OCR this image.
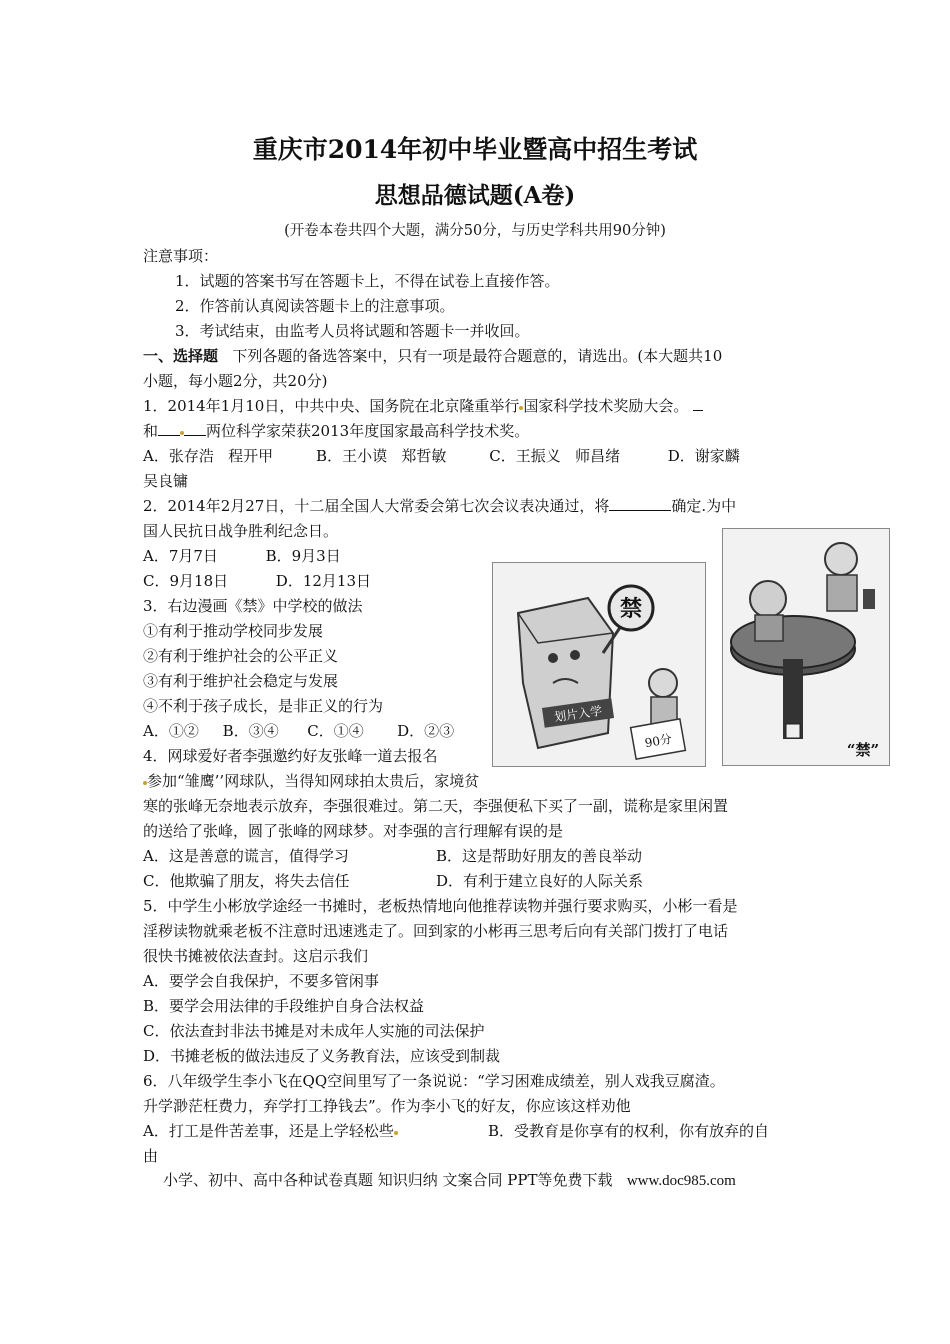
重庆市2014年初中毕业暨高中招生考试
思想品德试题(A卷)
(开卷本卷共四个大题，满分50分，与历史学科共用90分钟)
注意事项：
1．试题的答案书写在答题卡上，不得在试卷上直接作答。
2．作答前认真阅读答题卡上的注意事项。
3．考试结束，由监考人员将试题和答题卡一并收回。
一、选择题 下列各题的备选答案中，只有一项是最符合题意的，请选出。(本大题共10
小题，每小题2分，共20分)
1．2014年1月10日，中共中央、国务院在北京隆重举行 国家科学技术奖励大会。
和	两位科学家荣获2013年度国家最高科学技术奖。
A．张存浩   程开甲         B．王小谟   郑哲敏         C．王振义   师昌绪          D．谢家麟
吴良镛
2．2014年2月27日，十二届全国人大常委会第七次会议表决通过，将	确定.为中
国人民抗日战争胜利纪念日。
A．7月7日          B．9月3日
C．9月18日          D．12月13日
3．右边漫画《禁》中学校的做法
①有利于推动学校同步发展
②有利于维护社会的公平正义
③有利于维护社会稳定与发展
④不利于孩子成长，是非正义的行为
A．①②     B．③④      C．①④       D．②③
禁
划片入学
90分	“禁”
4．网球爱好者李强邀约好友张峰一道去报名
参加“雏鹰’’网球队，当得知网球拍太贵后，家境贫
寒的张峰无奈地表示放弃，李强很难过。第二天，李强便私下买了一副，谎称是家里闲置
的送给了张峰，圆了张峰的网球梦。对李强的言行理解有误的是
A．这是善意的谎言，值得学习	B．这是帮助好朋友的善良举动
C．他欺骗了朋友，将失去信任	D．有利于建立良好的人际关系
5．中学生小彬放学途经一书摊时，老板热情地向他推荐读物并强行要求购买，小彬一看是
淫秽读物就乘老板不注意时迅速逃走了。回到家的小彬再三思考后向有关部门拨打了电话
很快书摊被依法查封。这启示我们
A．要学会自我保护，不要多管闲事
B．要学会用法律的手段维护自身合法权益
C．依法查封非法书摊是对未成年人实施的司法保护
D．书摊老板的做法违反了义务教育法，应该受到制裁
6．八年级学生李小飞在QQ空间里写了一条说说：“学习困难成绩差，别人戏我豆腐渣。
升学渺茫枉费力，弃学打工挣钱去”。作为李小飞的好友，你应该这样劝他
A．打工是件苦差事，还是上学轻松些	B．受教育是你享有的权利，你有放弃的自
由
小学、初中、高中各种试卷真题 知识归纳 文案合同 PPT等免费下载 www.doc985.com
